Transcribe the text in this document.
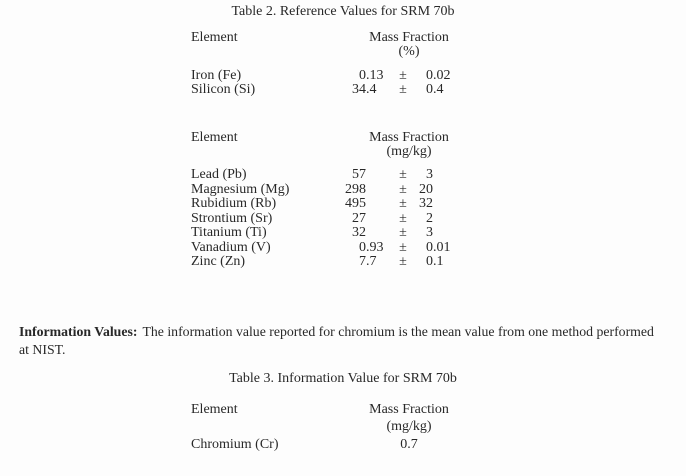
Table 2. Reference Values for SRM 70b
Element	Mass Fraction
(%)
Iron (Fe)	0 .13	±	0 .02
Silicon (Si)	34 .4	±	0 .4
Element	Mass Fraction
(mg/kg)
Lead (Pb)	57	±	3
Magnesium (Mg)	298	± 20
Rubidium (Rb)	495	± 32
Strontium (Sr)	27	±	2
Titanium (Ti)	32	±	3
Vanadium (V)	0 .93	±	0 .01
Zinc (Zn)	7 .7	±	0 .1
Information Values: The information value reported for chromium is the mean value from one method performed
at NIST.
Table 3. Information Value for SRM 70b
Element	Mass Fraction
(mg/kg)
Chromium (Cr)	0.7
